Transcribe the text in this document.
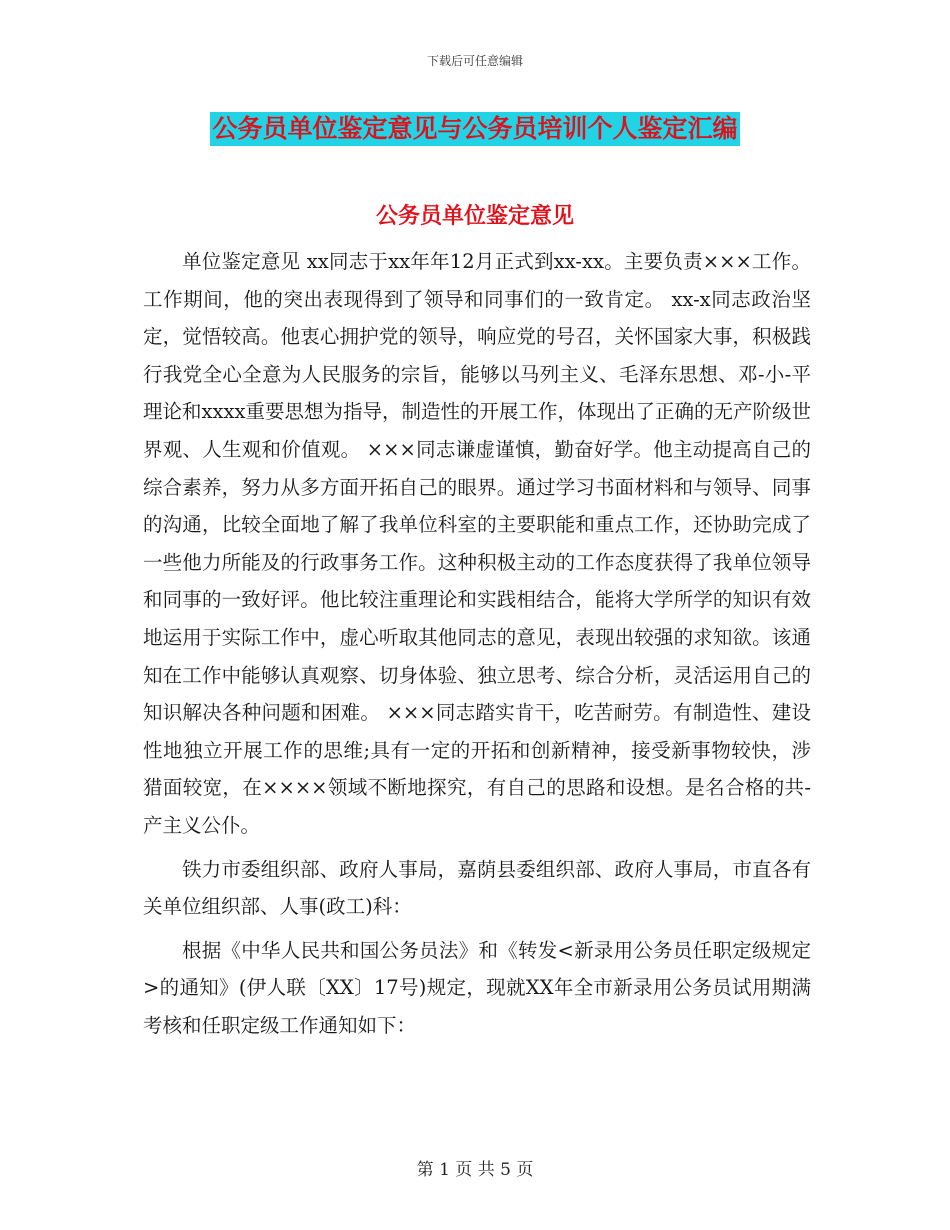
下载后可任意编辑
公务员单位鉴定意见与公务员培训个人鉴定汇编
公务员单位鉴定意见

单位鉴定意见 xx同志于xx年年12月正式到xx-xx。主要负责×××工作。工作期间，他的突出表现得到了领导和同事们的一致肯定。 xx-x同志政治坚定，觉悟较高。他衷心拥护党的领导，响应党的号召，关怀国家大事，积极践行我党全心全意为人民服务的宗旨，能够以马列主义、毛泽东思想、邓-小-平理论和xxxx重要思想为指导，制造性的开展工作，体现出了正确的无产阶级世界观、人生观和价值观。 ×××同志谦虚谨慎，勤奋好学。他主动提高自己的综合素养，努力从多方面开拓自己的眼界。通过学习书面材料和与领导、同事的沟通，比较全面地了解了我单位科室的主要职能和重点工作，还协助完成了一些他力所能及的行政事务工作。这种积极主动的工作态度获得了我单位领导和同事的一致好评。他比较注重理论和实践相结合，能将大学所学的知识有效地运用于实际工作中，虚心听取其他同志的意见，表现出较强的求知欲。该通知在工作中能够认真观察、切身体验、独立思考、综合分析，灵活运用自己的知识解决各种问题和困难。 ×××同志踏实肯干，吃苦耐劳。有制造性、建设性地独立开展工作的思维;具有一定的开拓和创新精神，接受新事物较快，涉猎面较宽，在××××领域不断地探究，有自己的思路和设想。是名合格的共-产主义公仆。

铁力市委组织部、政府人事局，嘉荫县委组织部、政府人事局，市直各有关单位组织部、人事(政工)科：

根据《中华人民共和国公务员法》和《转发<新录用公务员任职定级规定>的通知》(伊人联〔XX〕17号)规定，现就XX年全市新录用公务员试用期满考核和任职定级工作通知如下：

第 1 页 共 5 页
